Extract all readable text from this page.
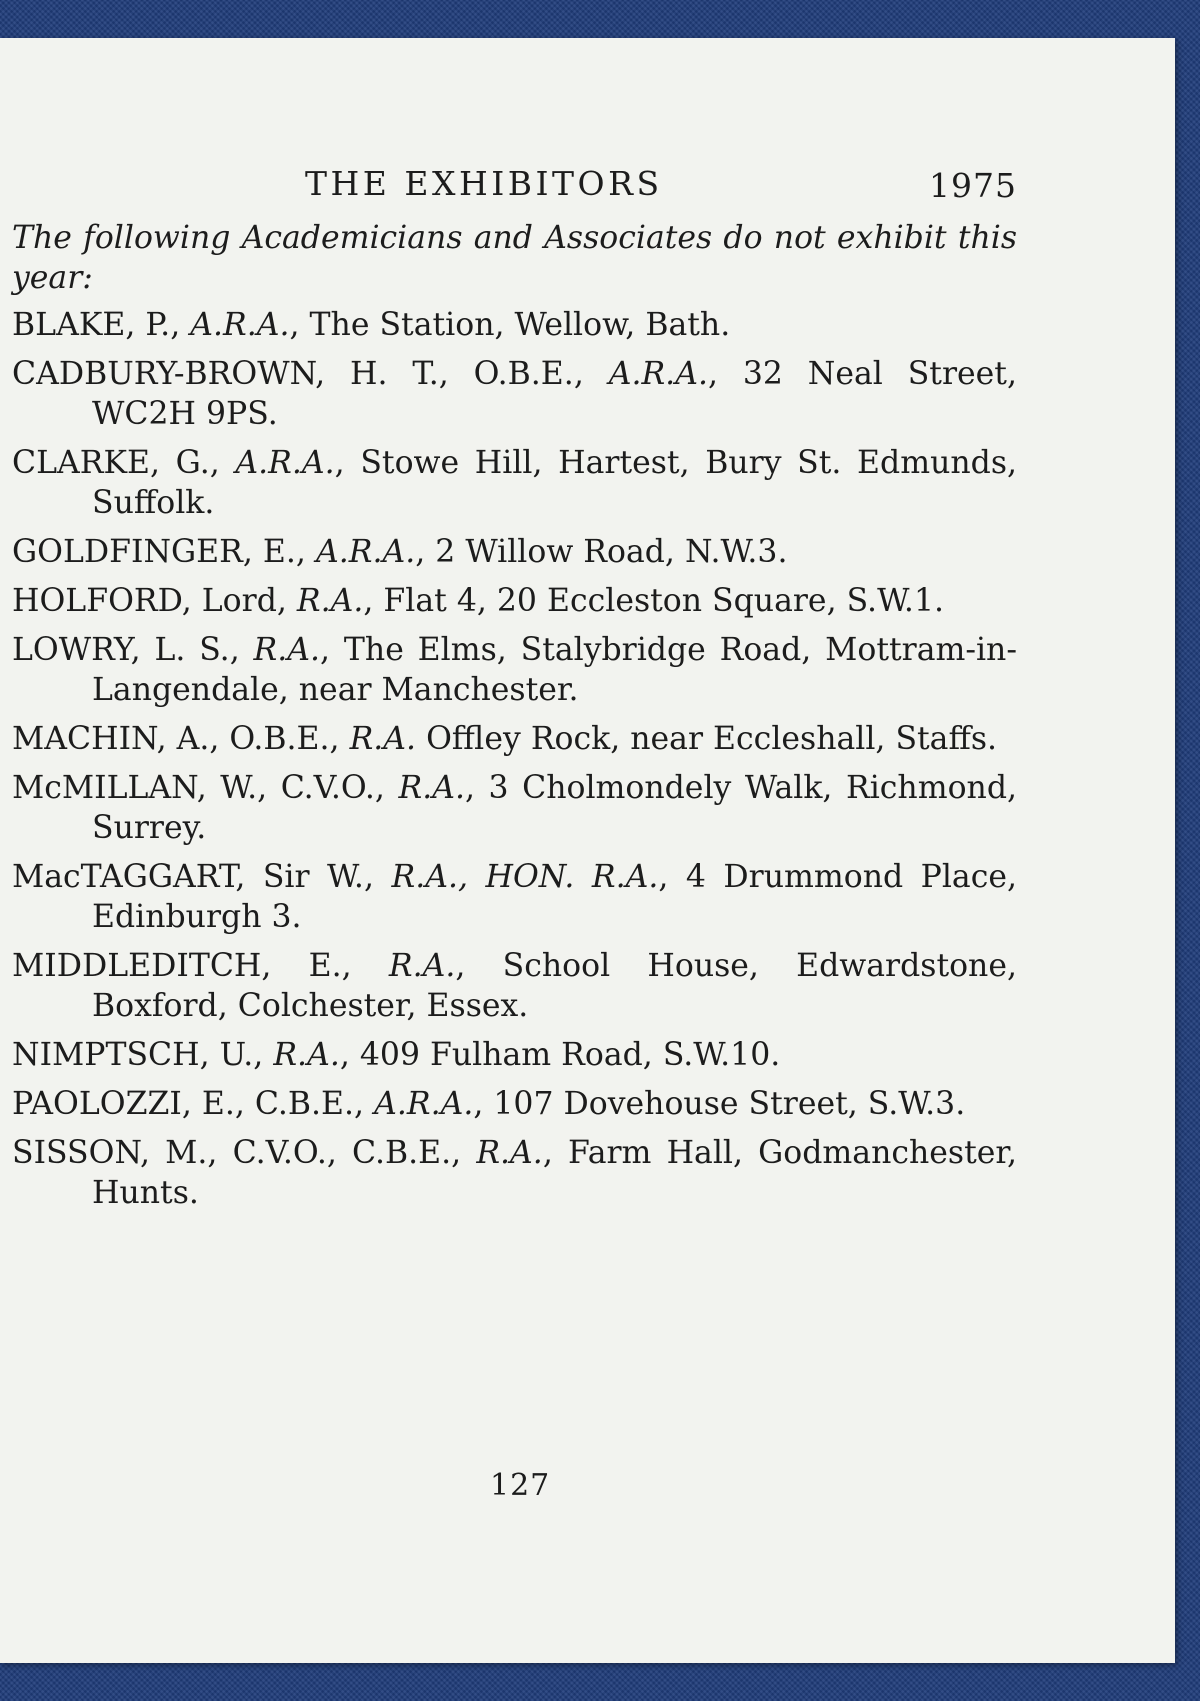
THE EXHIBITORS	1975
The following Academicians and Associates do not exhibit this year:
BLAKE, P., A.R.A., The Station, Wellow, Bath.
CADBURY-BROWN, H. T., O.B.E., A.R.A., 32 Neal Street, WC2H 9PS.
CLARKE, G., A.R.A., Stowe Hill, Hartest, Bury St. Edmunds, Suffolk.
GOLDFINGER, E., A.R.A., 2 Willow Road, N.W.3.
HOLFORD, Lord, R.A., Flat 4, 20 Eccleston Square, S.W.1.
LOWRY, L. S., R.A., The Elms, Stalybridge Road, Mottram-in-Langendale, near Manchester.
MACHIN, A., O.B.E., R.A. Offley Rock, near Eccleshall, Staffs.
McMILLAN, W., C.V.O., R.A., 3 Cholmondely Walk, Richmond, Surrey.
MacTAGGART, Sir W., R.A., HON. R.A., 4 Drummond Place, Edinburgh 3.
MIDDLEDITCH, E., R.A., School House, Edwardstone, Boxford, Colchester, Essex.
NIMPTSCH, U., R.A., 409 Fulham Road, S.W.10.
PAOLOZZI, E., C.B.E., A.R.A., 107 Dovehouse Street, S.W.3.
SISSON, M., C.V.O., C.B.E., R.A., Farm Hall, Godmanchester, Hunts.
127
